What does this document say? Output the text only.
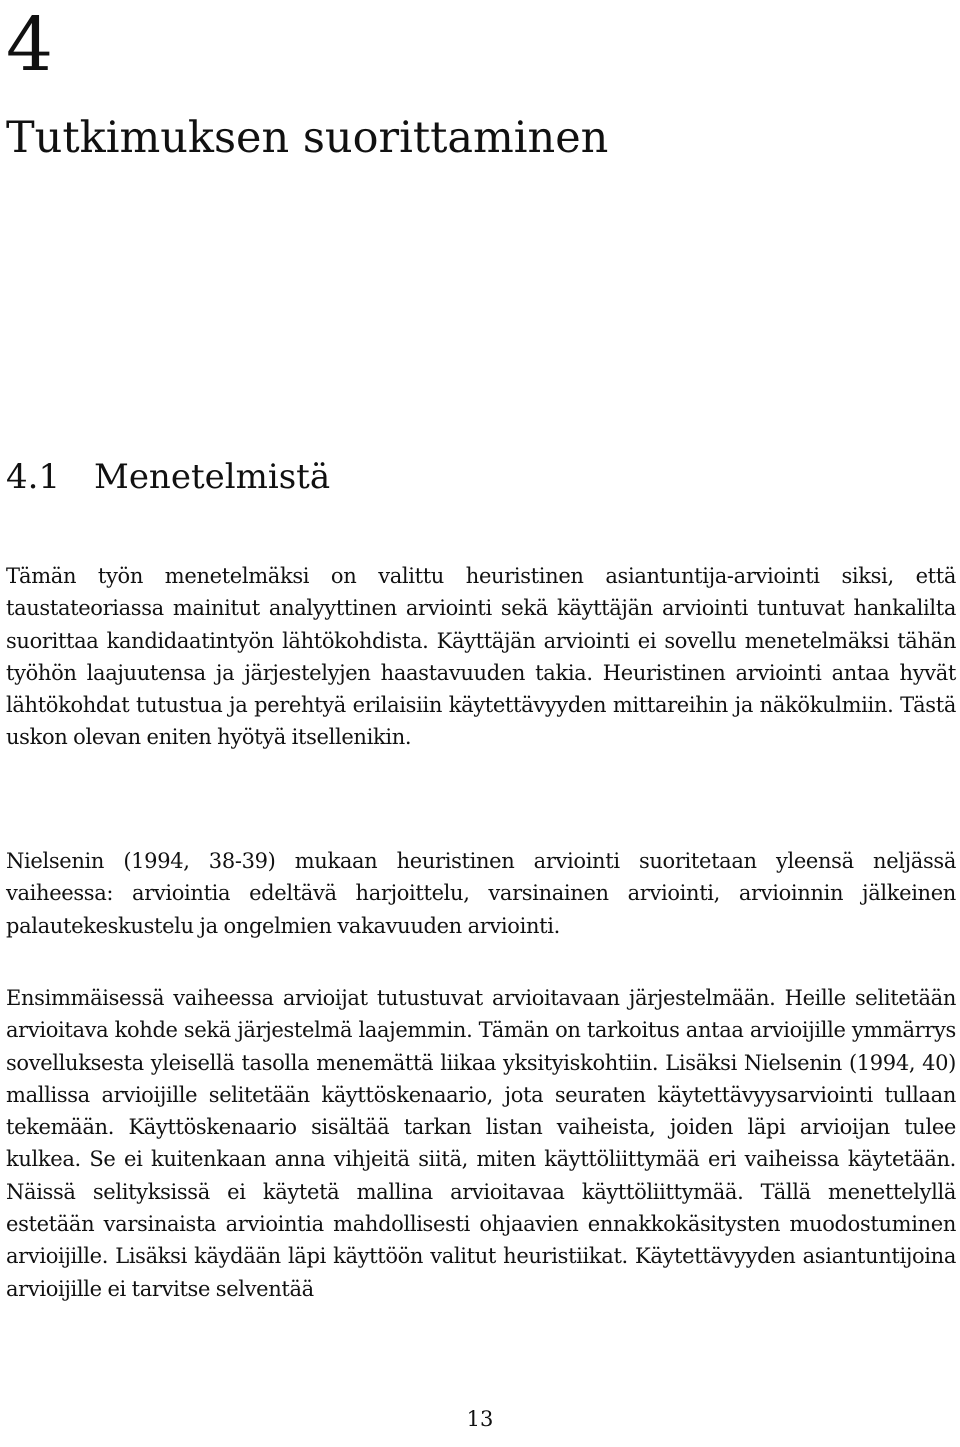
4
Tutkimuksen suorittaminen
4.1 Menetelmistä

Tämän työn menetelmäksi on valittu heuristinen asiantuntija-arviointi siksi, että taustateoriassa mainitut analyyttinen arviointi sekä käyttäjän arviointi tuntuvat hankalilta suorittaa kandidaatintyön lähtökohdista. Käyttäjän arviointi ei sovellu menetelmäksi tähän työhön laajuutensa ja järjestelyjen haastavuuden takia. Heuristinen arviointi antaa hyvät lähtökohdat tutustua ja perehtyä erilaisiin käytettävyyden mittareihin ja näkökulmiin. Tästä uskon olevan eniten hyötyä itsellenikin.

Nielsenin (1994, 38-39) mukaan heuristinen arviointi suoritetaan yleensä neljässä vaiheessa: arviointia edeltävä harjoittelu, varsinainen arviointi, arvioinnin jälkeinen palautekeskustelu ja ongelmien vakavuuden arviointi.

Ensimmäisessä vaiheessa arvioijat tutustuvat arvioitavaan järjestelmään. Heille selitetään arvioitava kohde sekä järjestelmä laajemmin. Tämän on tarkoitus antaa arvioijille ymmärrys sovelluksesta yleisellä tasolla menemättä liikaa yksityiskohtiin. Lisäksi Nielsenin (1994, 40) mallissa arvioijille selitetään käyttöskenaario, jota seuraten käytettävyysarviointi tullaan tekemään. Käyttöskenaario sisältää tarkan listan vaiheista, joiden läpi arvioijan tulee kulkea. Se ei kuitenkaan anna vihjeitä siitä, miten käyttöliittymää eri vaiheissa käytetään. Näissä selityksissä ei käytetä mallina arvioitavaa käyttöliittymää. Tällä menettelyllä estetään varsinaista arviointia mahdollisesti ohjaavien ennakkokäsitysten muodostuminen arvioijille. Lisäksi käydään läpi käyttöön valitut heuristiikat. Käytettävyyden asiantuntijoina arvioijille ei tarvitse selventää

13
